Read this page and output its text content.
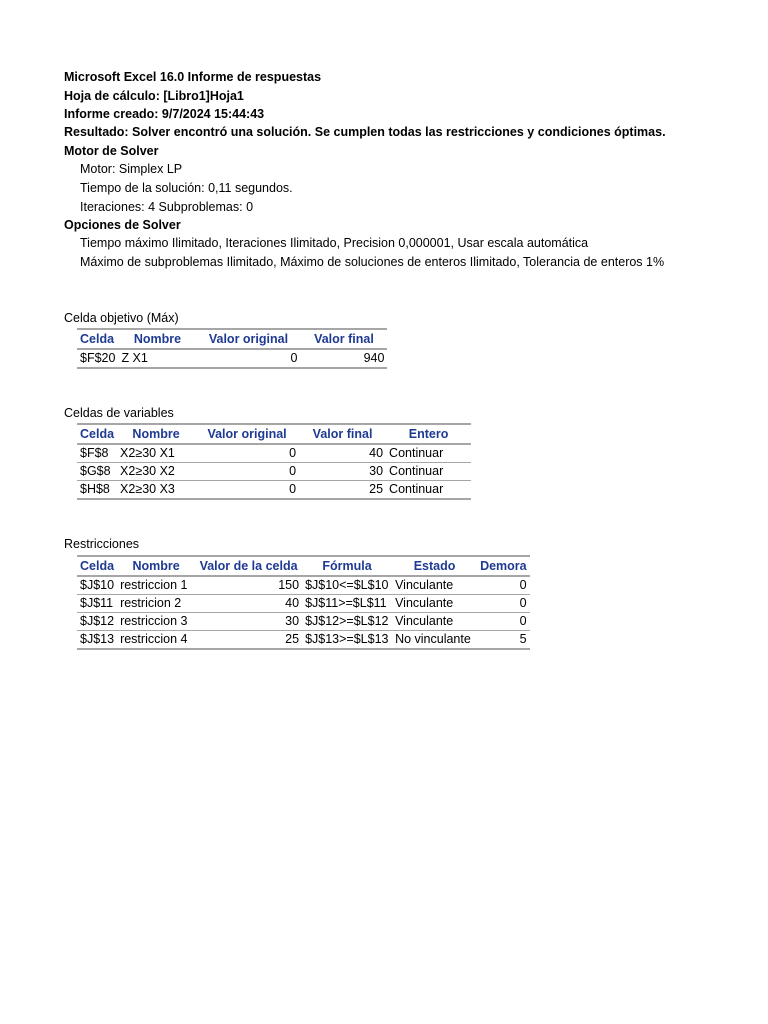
Microsoft Excel 16.0 Informe de respuestas
Hoja de cálculo: [Libro1]Hoja1
Informe creado: 9/7/2024 15:44:43
Resultado: Solver encontró una solución. Se cumplen todas las restricciones y condiciones óptimas.
Motor de Solver
Motor: Simplex LP
Tiempo de la solución: 0,11 segundos.
Iteraciones: 4 Subproblemas: 0
Opciones de Solver
Tiempo máximo Ilimitado, Iteraciones Ilimitado, Precision 0,000001, Usar escala automática
Máximo de subproblemas Ilimitado, Máximo de soluciones de enteros Ilimitado, Tolerancia de enteros 1%
Celda objetivo (Máx)
Celda	Nombre	Valor original	Valor final
$F$20	Z X1	0	940
Celdas de variables
Celda	Nombre	Valor original	Valor final	Entero
$F$8	X2≥30 X1	0	40	Continuar
$G$8	X2≥30 X2	0	30	Continuar
$H$8	X2≥30 X3	0	25	Continuar
Restricciones
Celda	Nombre	Valor de la celda	Fórmula	Estado	Demora
$J$10	restriccion 1	150	$J$10<=$L$10	Vinculante	0
$J$11	restricion 2	40	$J$11>=$L$11	Vinculante	0
$J$12	restriccion 3	30	$J$12>=$L$12	Vinculante	0
$J$13	restriccion 4	25	$J$13>=$L$13	No vinculante	5
